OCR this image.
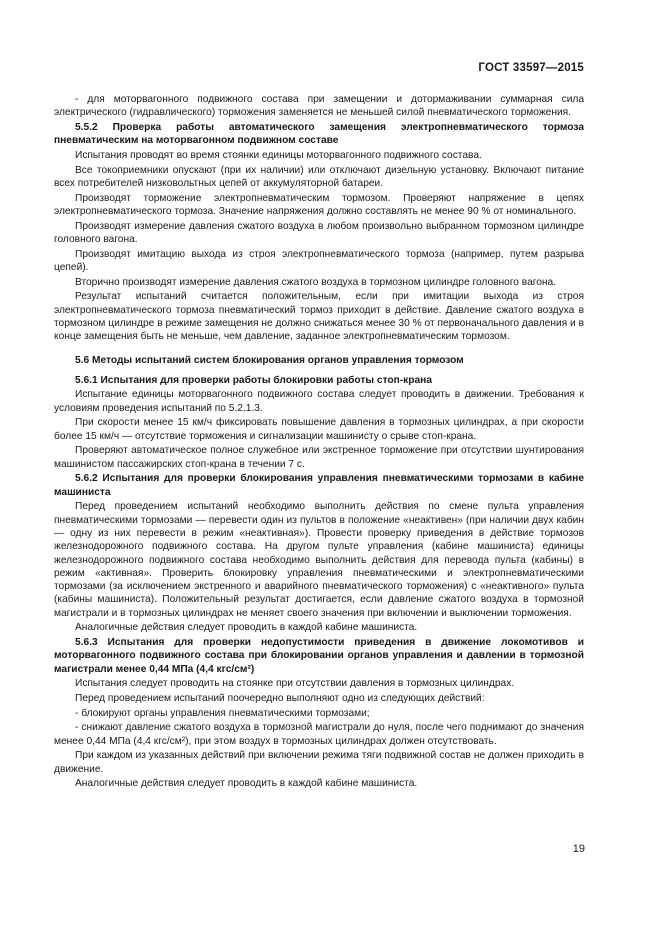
ГОСТ 33597—2015

- для моторвагонного подвижного состава при замещении и дотормаживании суммарная сила электрического (гидравлического) торможения заменяется не меньшей силой пневматического торможения.

5.5.2 Проверка работы автоматического замещения электропневматического тормоза пневматическим на моторвагонном подвижном составе

Испытания проводят во время стоянки единицы моторвагонного подвижного состава.

Все токоприемники опускают (при их наличии) или отключают дизельную установку. Включают питание всех потребителей низковольтных цепей от аккумуляторной батареи.

Производят торможение электропневматическим тормозом. Проверяют напряжение в цепях электропневматического тормоза. Значение напряжения должно составлять не менее 90 % от номинального.

Производят измерение давления сжатого воздуха в любом произвольно выбранном тормозном цилиндре головного вагона.

Производят имитацию выхода из строя электропневматического тормоза (например, путем разрыва цепей).

Вторично производят измерение давления сжатого воздуха в тормозном цилиндре головного вагона.

Результат испытаний считается положительным, если при имитации выхода из строя электропневматического тормоза пневматический тормоз приходит в действие. Давление сжатого воздуха в тормозном цилиндре в режиме замещения не должно снижаться менее 30 % от первоначального давления и в конце замещения быть не меньше, чем давление, заданное электропневматическим тормозом.

5.6 Методы испытаний систем блокирования органов управления тормозом

5.6.1 Испытания для проверки работы блокировки работы стоп-крана

Испытание единицы моторвагонного подвижного состава следует проводить в движении. Требования к условиям проведения испытаний по 5.2.1.3.

При скорости менее 15 км/ч фиксировать повышение давления в тормозных цилиндрах, а при скорости более 15 км/ч — отсутствие торможения и сигнализации машинисту о срыве стоп-крана.

Проверяют автоматическое полное служебное или экстренное торможение при отсутствии шунтирования машинистом пассажирских стоп-крана в течении 7 с.

5.6.2 Испытания для проверки блокирования управления пневматическими тормозами в кабине машиниста

Перед проведением испытаний необходимо выполнить действия по смене пульта управления пневматическими тормозами — перевести один из пультов в положение «неактивен» (при наличии двух кабин — одну из них перевести в режим «неактивная»). Провести проверку приведения в действие тормозов железнодорожного подвижного состава. На другом пульте управления (кабине машиниста) единицы железнодорожного подвижного состава необходимо выполнить действия для перевода пульта (кабины) в режим «активная». Проверить блокировку управления пневматическими и электропневматическими тормозами (за исключением экстренного и аварийного пневматического торможения) с «неактивного» пульта (кабины машиниста). Положительный результат достигается, если давление сжатого воздуха в тормозной магистрали и в тормозных цилиндрах не меняет своего значения при включении и выключении торможения.

Аналогичные действия следует проводить в каждой кабине машиниста.

5.6.3 Испытания для проверки недопустимости приведения в движение локомотивов и моторвагонного подвижного состава при блокировании органов управления и давлении в тормозной магистрали менее 0,44 МПа (4,4 кгс/см²)

Испытания следует проводить на стоянке при отсутствии давления в тормозных цилиндрах.

Перед проведением испытаний поочередно выполняют одно из следующих действий:

- блокируют органы управления пневматическими тормозами;

- снижают давление сжатого воздуха в тормозной магистрали до нуля, после чего поднимают до значения менее 0,44 МПа (4,4 кгс/см²), при этом воздух в тормозных цилиндрах должен отсутствовать.

При каждом из указанных действий при включении режима тяги подвижной состав не должен приходить в движение.

Аналогичные действия следует проводить в каждой кабине машиниста.

19
